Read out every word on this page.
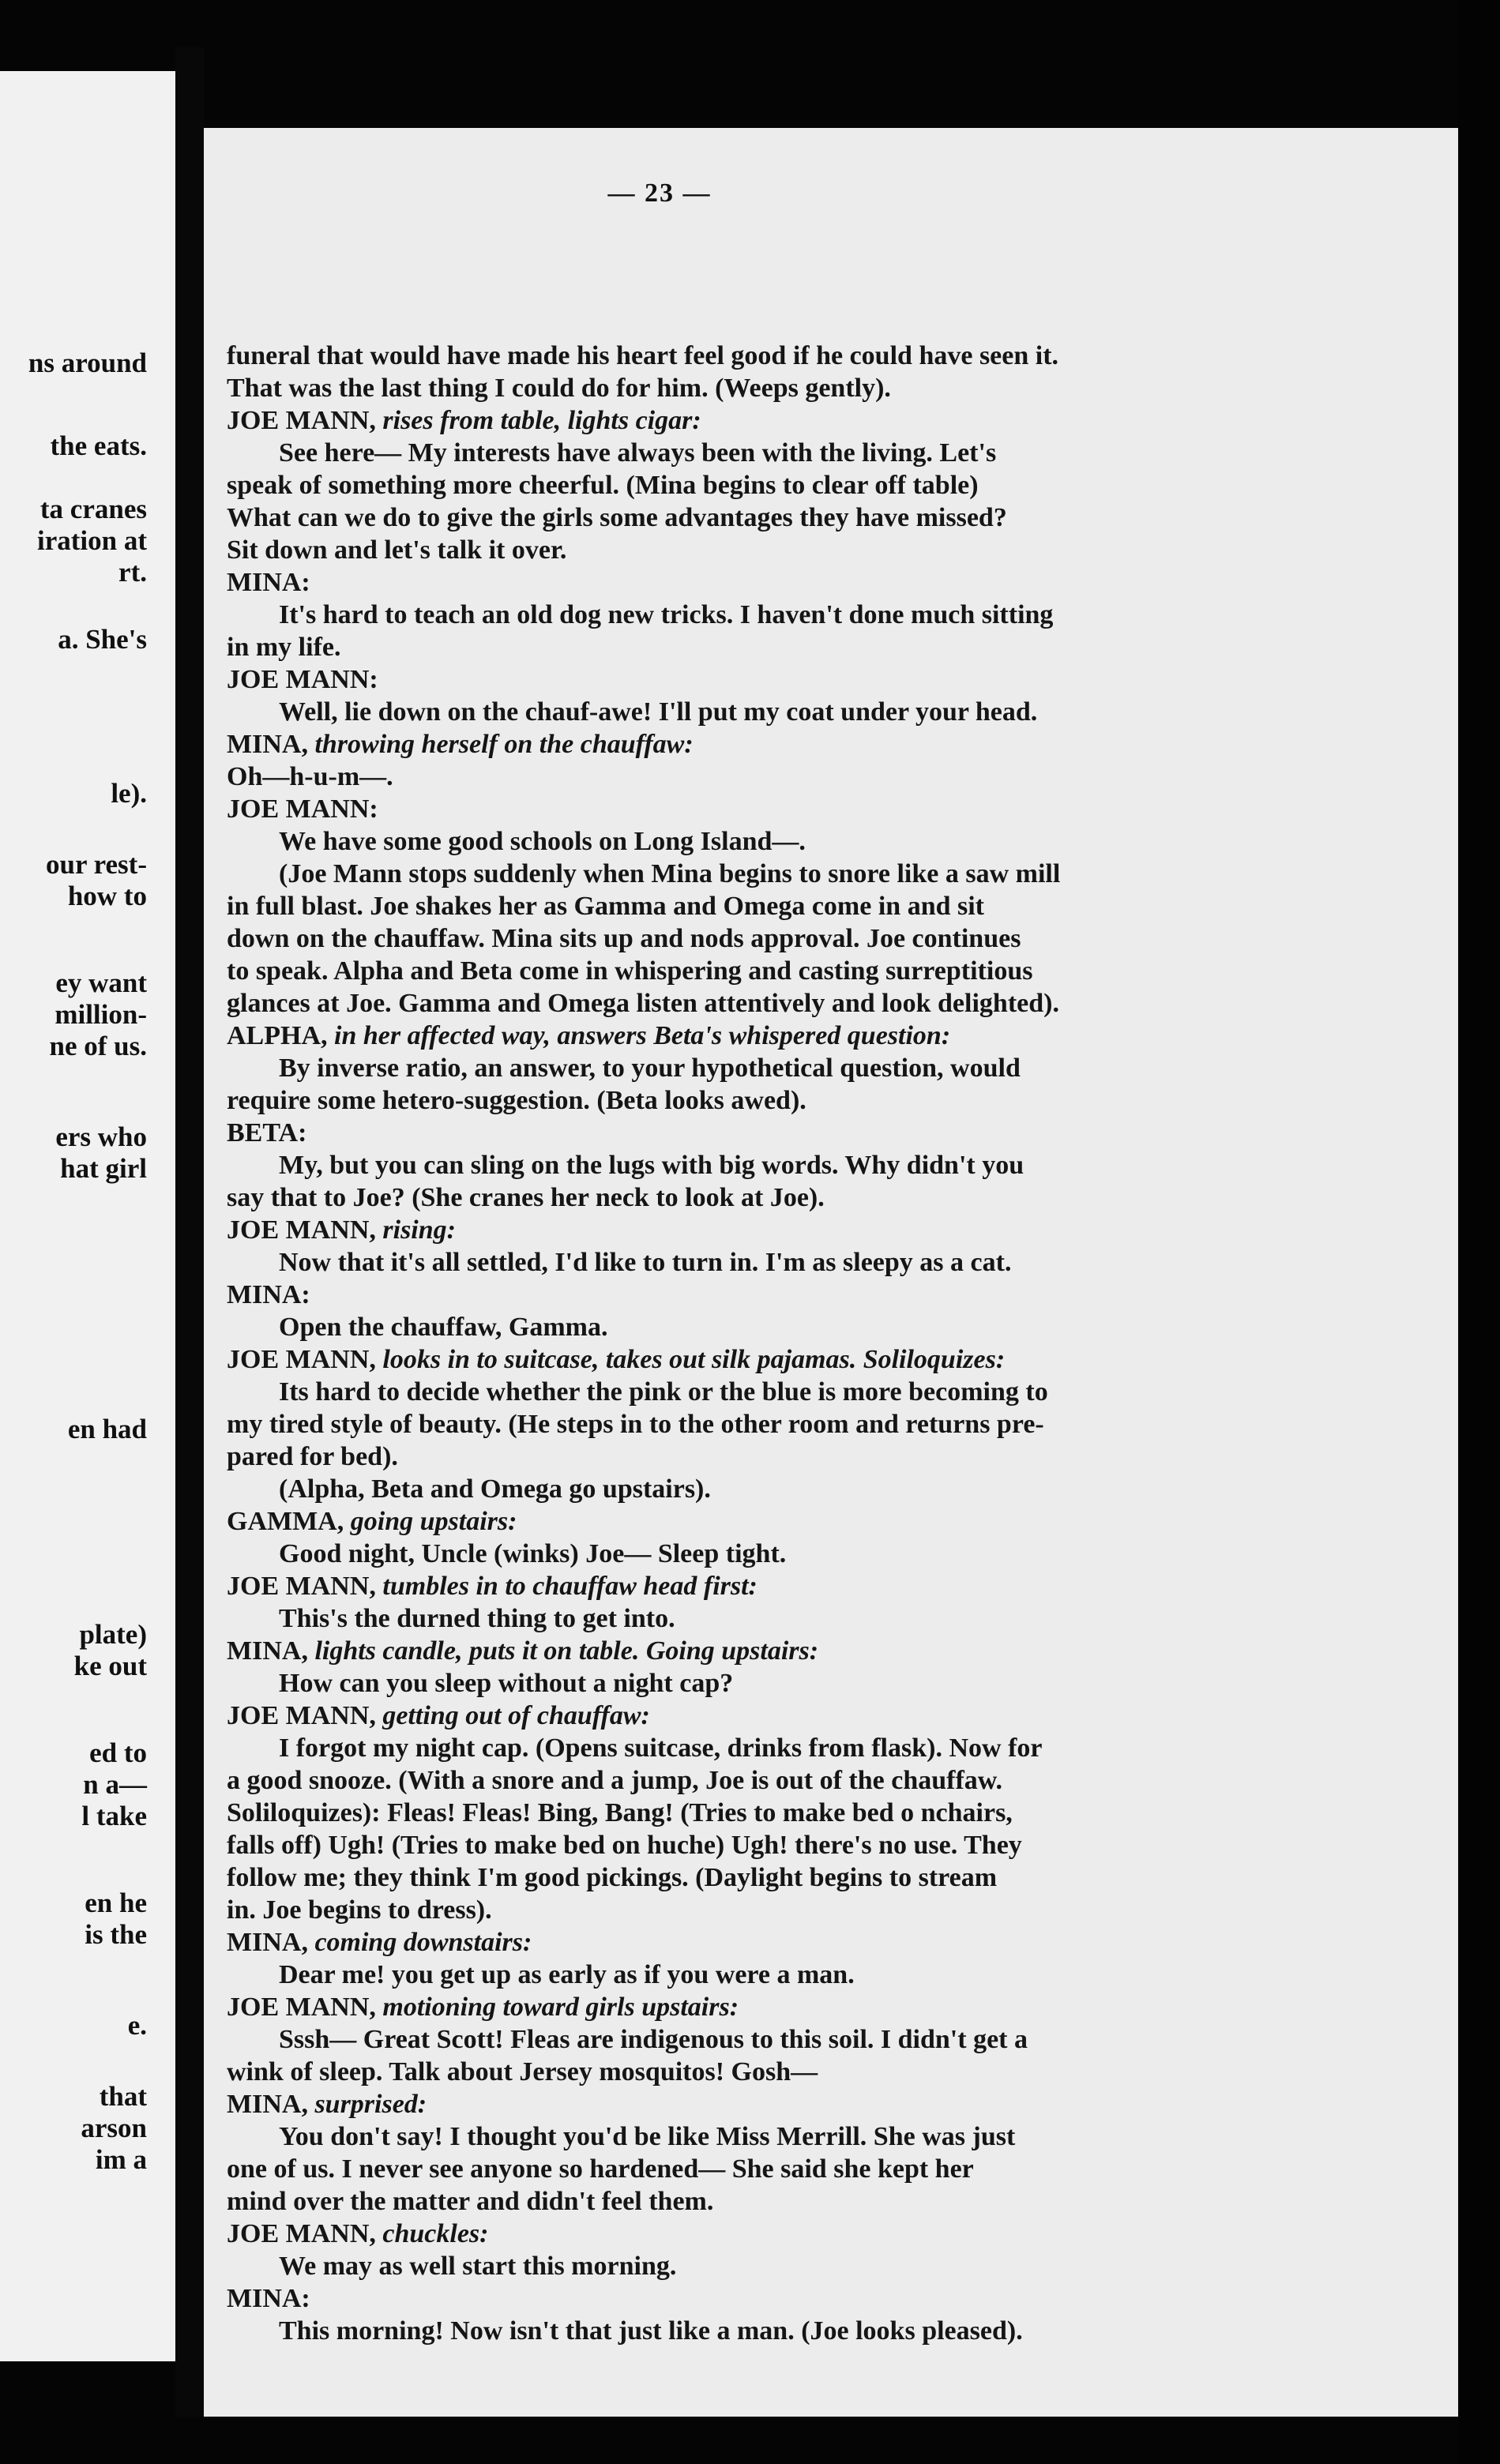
ns around
the eats.
ta cranes
iration at
rt.
a. She's
le).
our rest-
how to
ey want
million-
ne of us.
ers who
hat girl
en had
plate)
ke out
ed to
n a—
l take
en he
is the
e.
that
arson
im a
— 23 —
funeral that would have made his heart feel good if he could have seen it.
That was the last thing I could do for him. (Weeps gently).
JOE MANN, rises from table, lights cigar:
See here— My interests have always been with the living. Let's
speak of something more cheerful. (Mina begins to clear off table)
What can we do to give the girls some advantages they have missed?
Sit down and let's talk it over.
MINA:
It's hard to teach an old dog new tricks. I haven't done much sitting
in my life.
JOE MANN:
Well, lie down on the chauf-awe! I'll put my coat under your head.
MINA, throwing herself on the chauffaw:
Oh—h-u-m—.
JOE MANN:
We have some good schools on Long Island—.
(Joe Mann stops suddenly when Mina begins to snore like a saw mill
in full blast. Joe shakes her as Gamma and Omega come in and sit
down on the chauffaw. Mina sits up and nods approval. Joe continues
to speak. Alpha and Beta come in whispering and casting surreptitious
glances at Joe. Gamma and Omega listen attentively and look delighted).
ALPHA, in her affected way, answers Beta's whispered question:
By inverse ratio, an answer, to your hypothetical question, would
require some hetero-suggestion. (Beta looks awed).
BETA:
My, but you can sling on the lugs with big words. Why didn't you
say that to Joe? (She cranes her neck to look at Joe).
JOE MANN, rising:
Now that it's all settled, I'd like to turn in. I'm as sleepy as a cat.
MINA:
Open the chauffaw, Gamma.
JOE MANN, looks in to suitcase, takes out silk pajamas. Soliloquizes:
Its hard to decide whether the pink or the blue is more becoming to
my tired style of beauty. (He steps in to the other room and returns pre-
pared for bed).
(Alpha, Beta and Omega go upstairs).
GAMMA, going upstairs:
Good night, Uncle (winks) Joe— Sleep tight.
JOE MANN, tumbles in to chauffaw head first:
This's the durned thing to get into.
MINA, lights candle, puts it on table. Going upstairs:
How can you sleep without a night cap?
JOE MANN, getting out of chauffaw:
I forgot my night cap. (Opens suitcase, drinks from flask). Now for
a good snooze. (With a snore and a jump, Joe is out of the chauffaw.
Soliloquizes): Fleas! Fleas! Bing, Bang! (Tries to make bed o nchairs,
falls off) Ugh! (Tries to make bed on huche) Ugh! there's no use. They
follow me; they think I'm good pickings. (Daylight begins to stream
in. Joe begins to dress).
MINA, coming downstairs:
Dear me! you get up as early as if you were a man.
JOE MANN, motioning toward girls upstairs:
Sssh— Great Scott! Fleas are indigenous to this soil. I didn't get a
wink of sleep. Talk about Jersey mosquitos! Gosh—
MINA, surprised:
You don't say! I thought you'd be like Miss Merrill. She was just
one of us. I never see anyone so hardened— She said she kept her
mind over the matter and didn't feel them.
JOE MANN, chuckles:
We may as well start this morning.
MINA:
This morning! Now isn't that just like a man. (Joe looks pleased).
